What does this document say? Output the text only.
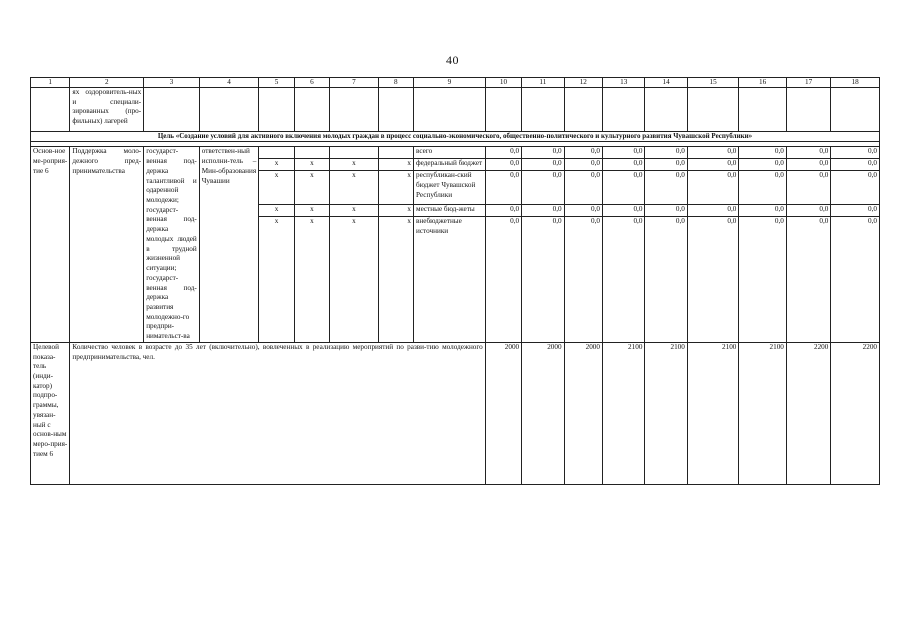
40
1	2	3	4	5	6	7	8	9	10	11	12	13	14	15	16	17	18
	ях оздоровитель-ных и специали-зированных (про-фильных) лагерей																
Цель «Создание условий для активного включения молодых граждан в процесс социально-экономического, общественно-политического и культурного развития Чувашской Республики»																	

Основ-ное ме-роприя-тие 6	Поддержка моло-дежного пред-принимательства	государст-венная под-держка талантливой и одаренной молодежи; государст-венная под-держка молодых людей в трудной жизненной ситуации; государст-венная под-держка развития молодежно-го предпри-нимательст-ва	ответствен-ный исполни-тель – Мин-образования Чувашии					всего	0,0	0,0	0,0	0,0	0,0	0,0	0,0	0,0	0,0
				х	х	х	х	федеральный бюджет	0,0	0,0	0,0	0,0	0,0	0,0	0,0	0,0	0,0
				х	х	х	х	республикан-ский бюджет Чувашской Республики	0,0	0,0	0,0	0,0	0,0	0,0	0,0	0,0	0,0
				х	х	х	х	местные бюд-жеты	0,0	0,0	0,0	0,0	0,0	0,0	0,0	0,0	0,0
				х	х	х	х	внебюджетные источники	0,0	0,0	0,0	0,0	0,0	0,0	0,0	0,0	0,0
Целевой показа-тель (инди-катор) подпро-граммы, увязан-ный с основ-ным меро-прия-тием 6	Количество человек в возрасте до 35 лет (включительно), вовлеченных в реализацию мероприятий по разви-тию молодежного предпринимательства, чел.								2000	2000	2000	2100	2100	2100	2100	2200	2200
